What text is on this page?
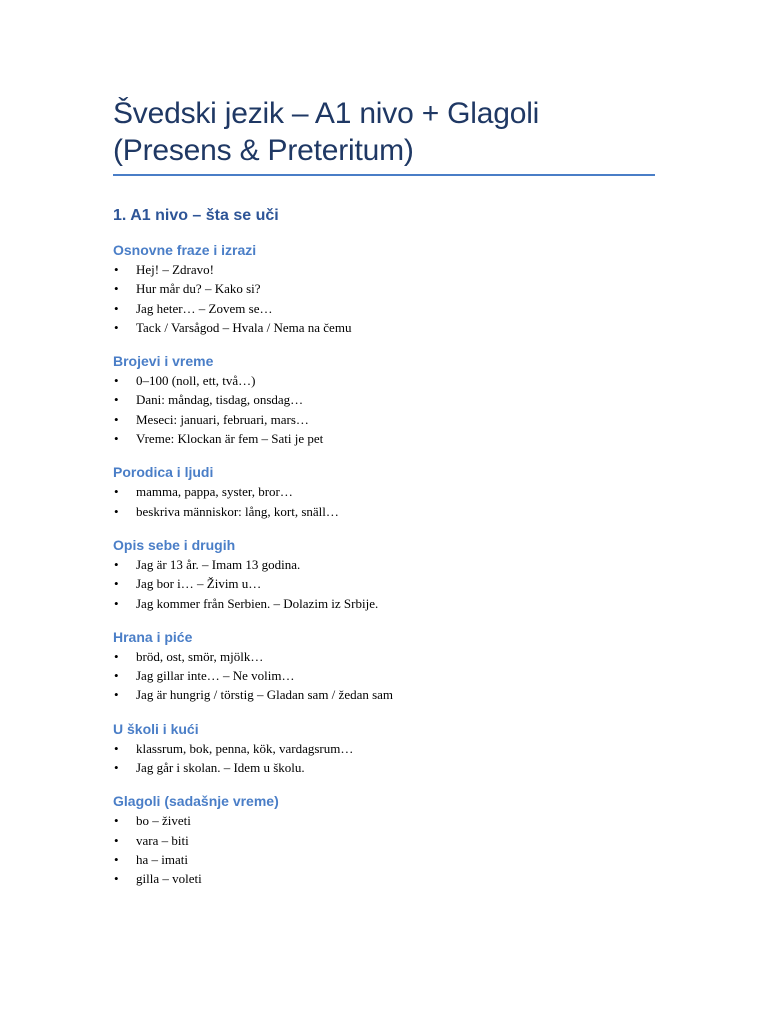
Švedski jezik – A1 nivo + Glagoli
(Presens & Preteritum)
1. A1 nivo – šta se uči
Osnovne fraze i izrazi
• Hej! – Zdravo!
• Hur mår du? – Kako si?
• Jag heter… – Zovem se…
• Tack / Varsågod – Hvala / Nema na čemu
Brojevi i vreme
• 0–100 (noll, ett, två…)
• Dani: måndag, tisdag, onsdag…
• Meseci: januari, februari, mars…
• Vreme: Klockan är fem – Sati je pet
Porodica i ljudi
• mamma, pappa, syster, bror…
• beskriva människor: lång, kort, snäll…
Opis sebe i drugih
• Jag är 13 år. – Imam 13 godina.
• Jag bor i… – Živim u…
• Jag kommer från Serbien. – Dolazim iz Srbije.
Hrana i piće
• bröd, ost, smör, mjölk…
• Jag gillar inte… – Ne volim…
• Jag är hungrig / törstig – Gladan sam / žedan sam
U školi i kući
• klassrum, bok, penna, kök, vardagsrum…
• Jag går i skolan. – Idem u školu.
Glagoli (sadašnje vreme)
• bo – živeti
• vara – biti
• ha – imati
• gilla – voleti
